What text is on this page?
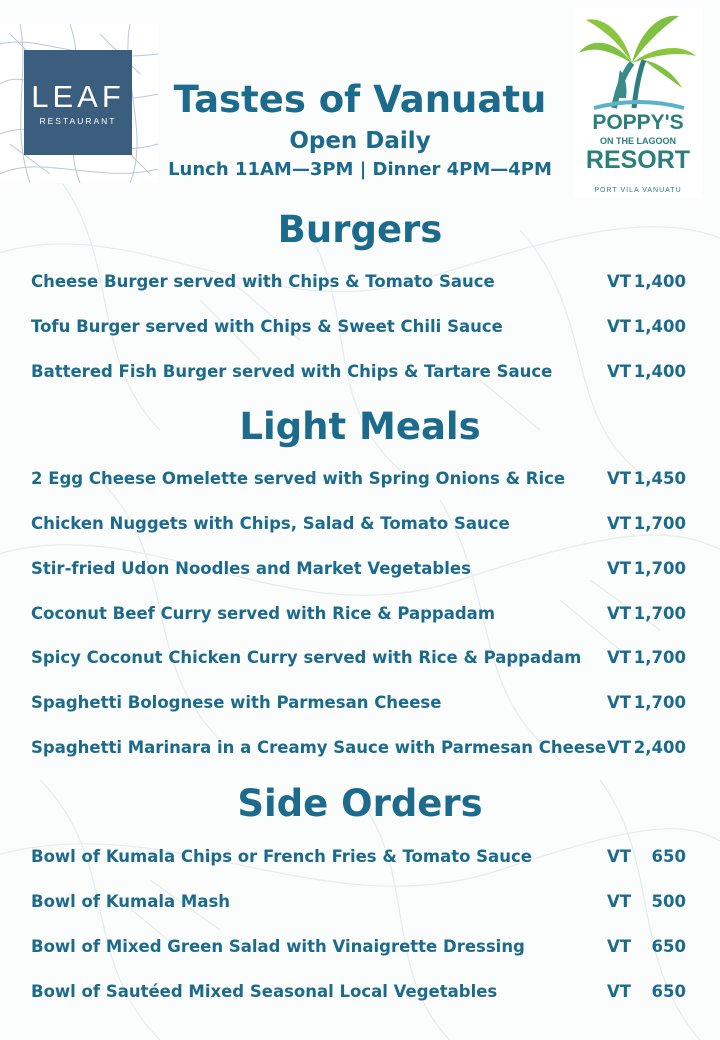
LEAF
RESTAURANT	Tastes of Vanuatu
Open Daily
Lunch 11AM—3PM | Dinner 4PM—4PM
POPPY'S
ON THE LAGOON
RESORT
PORT VILA VANUATU
Burgers
Cheese Burger served with Chips & Tomato Sauce	VT 1,400
Tofu Burger served with Chips & Sweet Chili Sauce	VT 1,400
Battered Fish Burger served with Chips & Tartare Sauce	VT 1,400
Light Meals
2 Egg Cheese Omelette served with Spring Onions & Rice	VT 1,450
Chicken Nuggets with Chips, Salad & Tomato Sauce	VT 1,700
Stir-fried Udon Noodles and Market Vegetables	VT 1,700
Coconut Beef Curry served with Rice & Pappadam	VT 1,700
Spicy Coconut Chicken Curry served with Rice & Pappadam	VT 1,700
Spaghetti Bolognese with Parmesan Cheese	VT 1,700
Spaghetti Marinara in a Creamy Sauce with Parmesan Cheese VT 2,400
Side Orders
Bowl of Kumala Chips or French Fries & Tomato Sauce	VT 650
Bowl of Kumala Mash	VT 500
Bowl of Mixed Green Salad with Vinaigrette Dressing	VT 650
Bowl of Sautéed Mixed Seasonal Local Vegetables	VT 650
